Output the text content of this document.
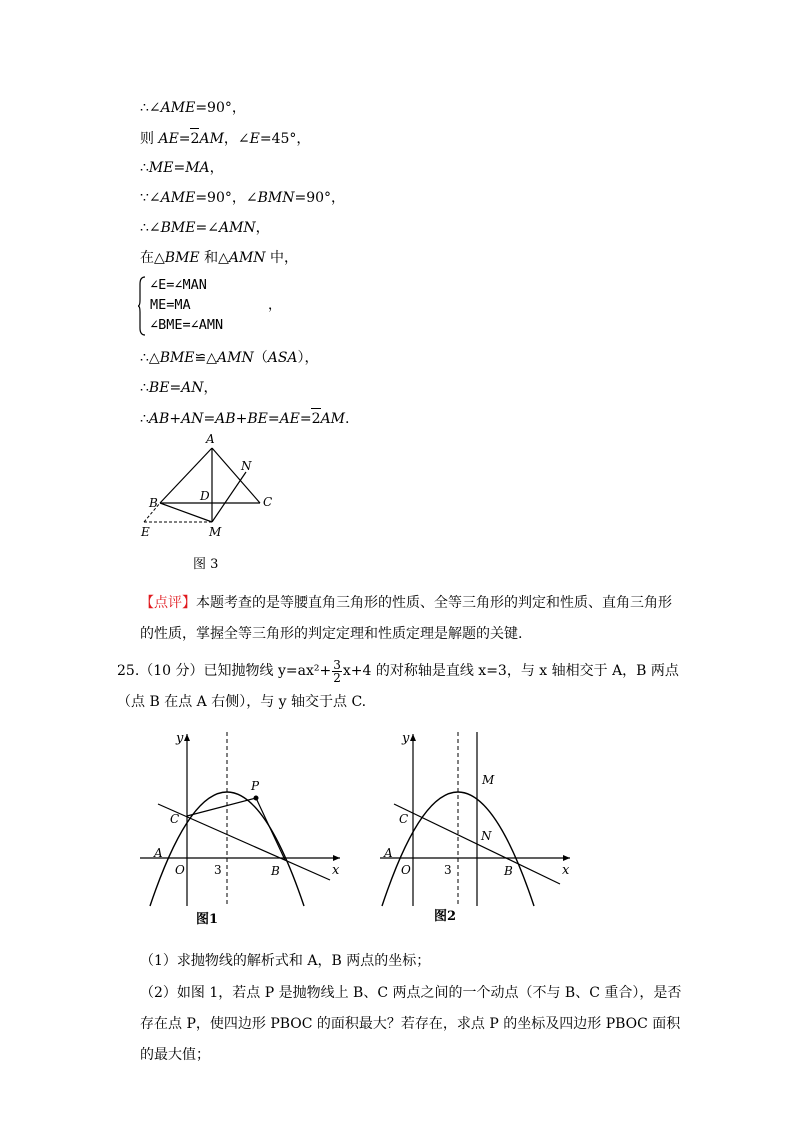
∴∠AME=90°，
则 AE=2AM，∠E=45°，
∴ME=MA，
∵∠AME=90°，∠BMN=90°，
∴∠BME=∠AMN，
在△BME 和△AMN 中，
∠E=∠MAN
ME=MA
∠BME=∠AMN
，
∴△BME≌△AMN（ASA），
∴BE=AN，
∴AB+AN=AB+BE=AE=2AM.
A
N
B	D	C
E	M
图 3
【点评】本题考查的是等腰直角三角形的性质、全等三角形的判定和性质、直角三角形的性质，掌握全等三角形的判定定理和性质定理是解题的关键.
25.（10 分）已知抛物线 $y=ax^2+ \frac{3}{2} x+4$ 的对称轴是直线 x=3，与 x 轴相交于 A，B 两点（点 B 在点 A 右侧），与 y 轴交于点 C.
y
x
O
A
B
C
P
3
图1
y
x
O
A
B
C
M
N
3
图2
（1）求抛物线的解析式和 A，B 两点的坐标；
（2）如图 1，若点 P 是抛物线上 B、C 两点之间的一个动点（不与 B、C 重合），是否存在点 P，使四边形 PBOC 的面积最大？若存在，求点 P 的坐标及四边形 PBOC 面积的最大值；
